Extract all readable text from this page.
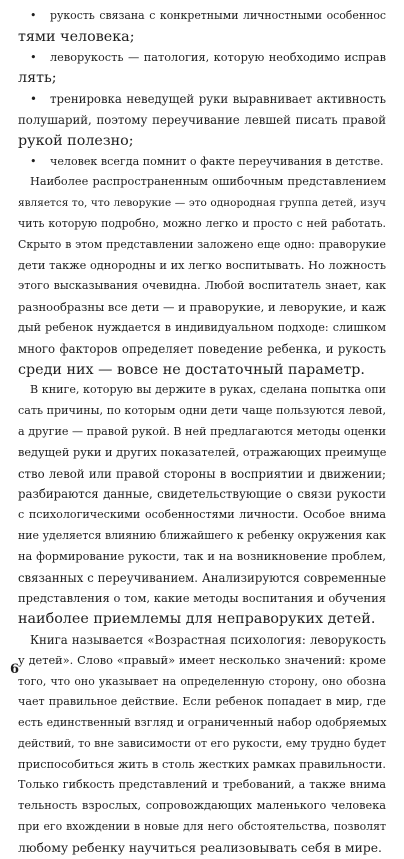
• рукость связана с конкретными личностными особеннос
тями человека;
• леворукость — патология, которую необходимо исправ
лять;
• тренировка неведущей руки выравнивает активность
полушарий, поэтому переучивание левшей писать правой
рукой полезно;
• человек всегда помнит о факте переучивания в детстве.
Наиболее распространенным ошибочным представлением
является то, что леворукие — это однородная группа детей, изуч
чить которую подробно, можно легко и просто с ней работать.
Скрыто в этом представлении заложено еще одно: праворукие
дети также однородны и их легко воспитывать. Но ложность
этого высказывания очевидна. Любой воспитатель знает, как
разнообразны все дети — и праворукие, и леворукие, и каж
дый ребенок нуждается в индивидуальном подходе: слишком
много факторов определяет поведение ребенка, и рукость
среди них — вовсе не достаточный параметр.
В книге, которую вы держите в руках, сделана попытка опи
сать причины, по которым одни дети чаще пользуются левой,
а другие — правой рукой. В ней предлагаются методы оценки
ведущей руки и других показателей, отражающих преимуще
ство левой или правой стороны в восприятии и движении;
разбираются данные, свидетельствующие о связи рукости
с психологическими особенностями личности. Особое внима
ние уделяется влиянию ближайшего к ребенку окружения как
на формирование рукости, так и на возникновение проблем,
связанных с переучиванием. Анализируются современные
представления о том, какие методы воспитания и обучения
наиболее приемлемы для неправоруких детей.
Книга называется «Возрастная психология: леворукость
у детей». Слово «правый» имеет несколько значений: кроме
того, что оно указывает на определенную сторону, оно обозна
чает правильное действие. Если ребенок попадает в мир, где
есть единственный взгляд и ограниченный набор одобряемых
действий, то вне зависимости от его рукости, ему трудно будет
приспособиться жить в столь жестких рамках правильности.
Только гибкость представлений и требований, а также внима
тельность взрослых, сопровождающих маленького человека
при его вхождении в новые для него обстоятельства, позволят
любому ребенку научиться реализовывать себя в мире.
6
